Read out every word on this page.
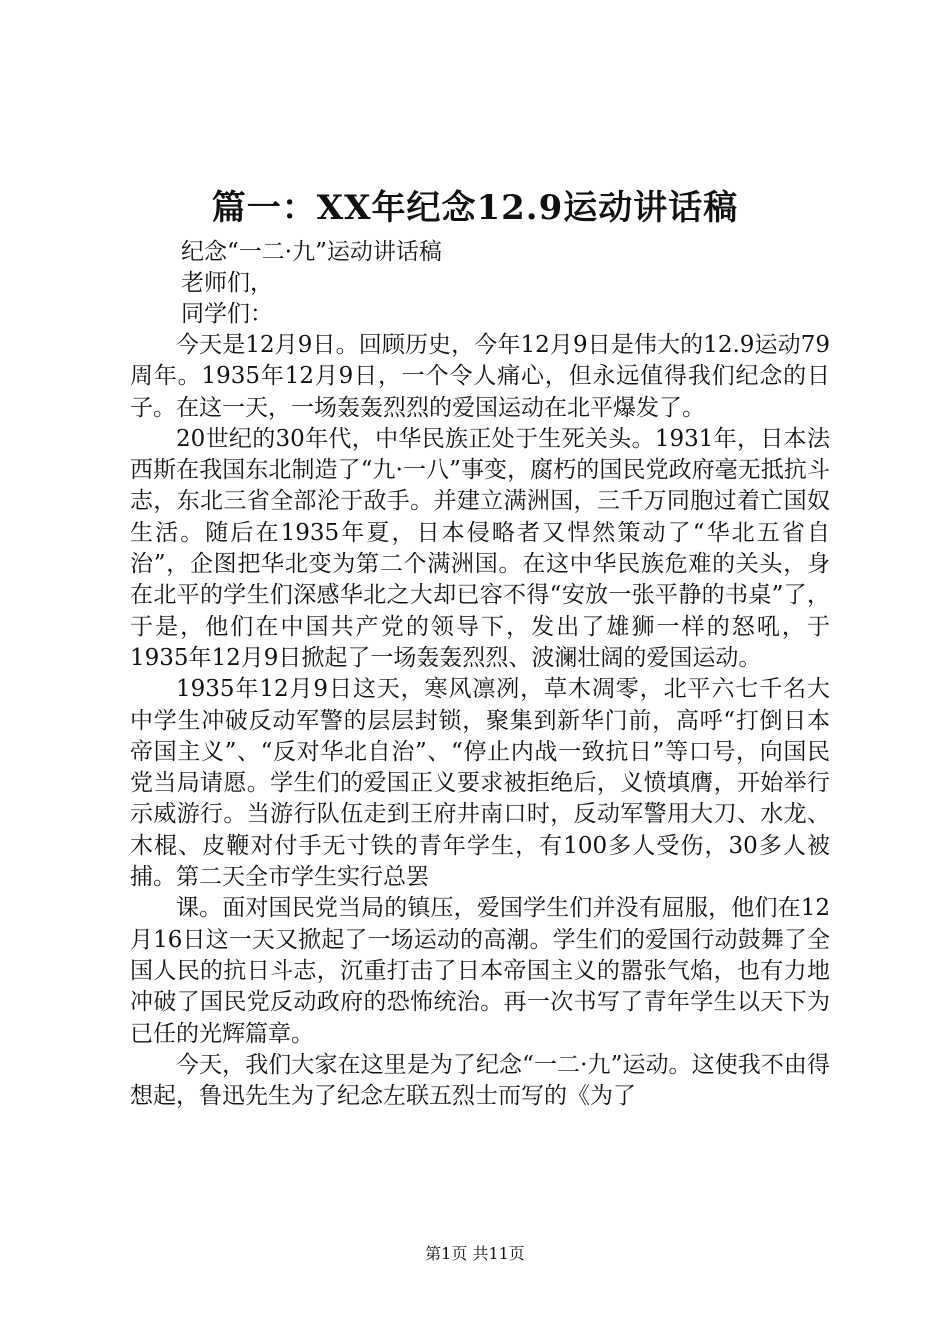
篇一：XX年纪念12.9运动讲话稿
纪念“一二·九”运动讲话稿
老师们，
同学们：

今天是12月9日。回顾历史，今年12月9日是伟大的12.9运动79周年。1935年12月9日，一个令人痛心，但永远值得我们纪念的日子。在这一天，一场轰轰烈烈的爱国运动在北平爆发了。

20世纪的30年代，中华民族正处于生死关头。1931年，日本法西斯在我国东北制造了“九·一八”事变，腐朽的国民党政府毫无抵抗斗志，东北三省全部沦于敌手。并建立满洲国，三千万同胞过着亡国奴生活。随后在1935年夏，日本侵略者又悍然策动了“华北五省自治”，企图把华北变为第二个满洲国。在这中华民族危难的关头，身在北平的学生们深感华北之大却已容不得“安放一张平静的书桌”了，于是，他们在中国共产党的领导下，发出了雄狮一样的怒吼，于1935年12月9日掀起了一场轰轰烈烈、波澜壮阔的爱国运动。

1935年12月9日这天，寒风凛冽，草木凋零，北平六七千名大中学生冲破反动军警的层层封锁，聚集到新华门前，高呼“打倒日本帝国主义”、“反对华北自治”、“停止内战一致抗日”等口号，向国民党当局请愿。学生们的爱国正义要求被拒绝后，义愤填膺，开始举行示威游行。当游行队伍走到王府井南口时，反动军警用大刀、水龙、木棍、皮鞭对付手无寸铁的青年学生，有100多人受伤，30多人被捕。第二天全市学生实行总罢

课。面对国民党当局的镇压，爱国学生们并没有屈服，他们在12月16日这一天又掀起了一场运动的高潮。学生们的爱国行动鼓舞了全国人民的抗日斗志，沉重打击了日本帝国主义的嚣张气焰，也有力地冲破了国民党反动政府的恐怖统治。再一次书写了青年学生以天下为已任的光辉篇章。

今天，我们大家在这里是为了纪念“一二·九”运动。这使我不由得想起，鲁迅先生为了纪念左联五烈士而写的《为了

第1页 共11页
